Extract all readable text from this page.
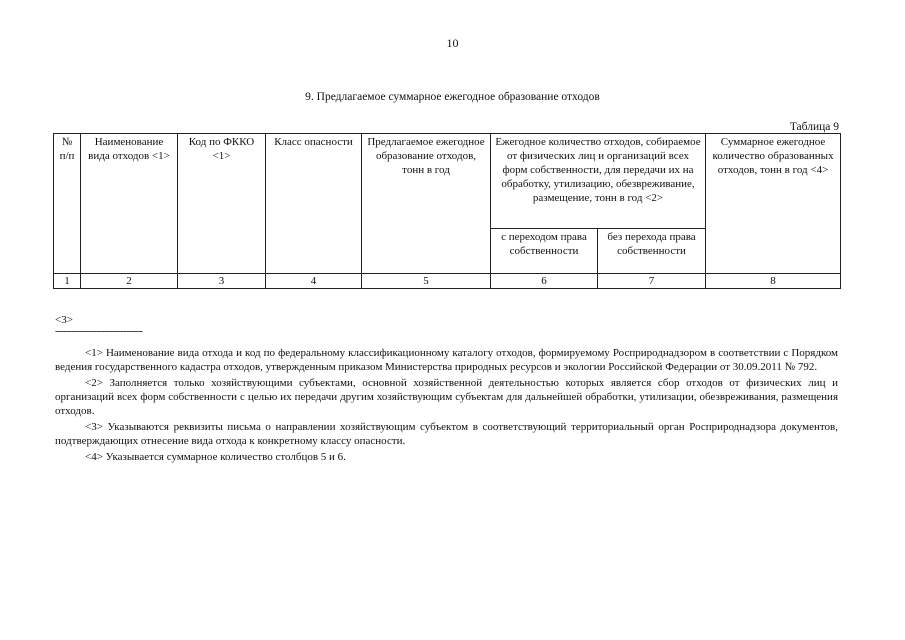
10
9. Предлагаемое суммарное ежегодное образование отходов
Таблица 9
№ п/п	Наименование вида отходов <1>	Код по ФККО <1>	Класс опасности	Предлагаемое ежегодное образование отходов, тонн в год	Ежегодное количество отходов, собираемое от физических лиц и организаций всех форм собственности, для передачи их на обработку, утилизацию, обезвреживание, размещение, тонн в год <2>		Суммарное ежегодное количество образованных отходов, тонн в год <4>
					с переходом права собственности	без перехода права собственности	
1	2	3	4	5	6	7	8
<3>
--------------------------------

<1> Наименование вида отхода и код по федеральному классификационному каталогу отходов, формируемому Росприроднадзором в соответствии с Порядком ведения государственного кадастра отходов, утвержденным приказом Министерства природных ресурсов и экологии Российской Федерации от 30.09.2011 № 792.

<2> Заполняется только хозяйствующими субъектами, основной хозяйственной деятельностью которых является сбор отходов от физических лиц и организаций всех форм собственности с целью их передачи другим хозяйствующим субъектам для дальнейшей обработки, утилизации, обезвреживания, размещения отходов.

<3> Указываются реквизиты письма о направлении хозяйствующим субъектом в соответствующий территориальный орган Росприроднадзора документов, подтверждающих отнесение вида отхода к конкретному классу опасности.

<4> Указывается суммарное количество столбцов 5 и 6.
